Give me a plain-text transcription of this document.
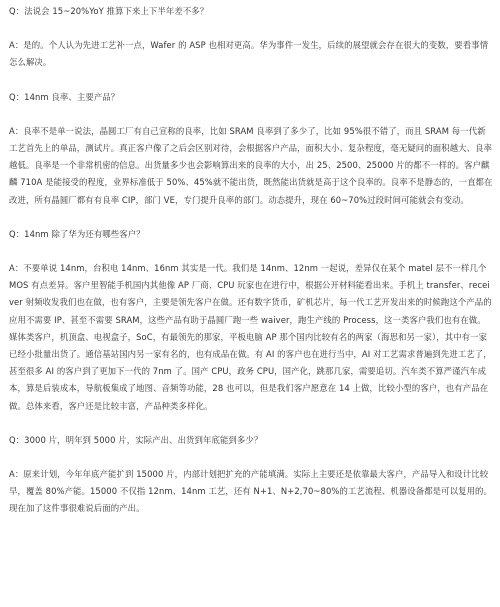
Q：法说会 15~20%YoY 推算下来上下半年差不多？

A：是的。个人认为先进工艺补一点，Wafer 的 ASP 也相对更高。华为事件一发生，后续的展望就会存在很大的变数，要看事情怎么解决。

Q：14nm 良率、主要产品？

A：良率不是单一说法，晶圆工厂有自己宣称的良率，比如 SRAM 良率到了多少了，比如 95%很不错了，而且 SRAM 每一代新工艺首先上的单品，测试片。真正客户像了之后会区别对待，会根据客户产品，面积大小、复杂程度，毫无疑问的面积越大、良率越低。良率是一个非常机密的信息。出货量多少也会影响算出来的良率的大小，出 25、2500、25000 片的都不一样的。客户麒麟 710A 是能接受的程度，业界标准低于 50%、45%就不能出货，既然能出货就是高于这个良率的。良率不是静态的，一直都在改进，所有晶圆厂都有有良率 CIP，部门 VE，专门提升良率的部门。动态提升，现在 60~70%过段时间可能就会有变动。

Q：14nm 除了华为还有哪些客户？

A：不要单说 14nm，台积电 14nm、16nm 其实是一代。我们是 14nm、12nm 一起说，差异仅在某个 matel 层不一样几个 MOS 有点差异。客户里智能手机国内其他像 AP 厂商、CPU 玩家也在进行中，根据公开材料能看出来。手机上 transfer、receiver 射频收发我们也在做，也有客户，主要是领先客户在做。还有数字货币，矿机芯片，每一代工艺开发出来的时候跑这个产品的应用不需要 IP、甚至不需要 SRAM，这些产品有助于晶圆厂跑一些 waiver，跑生产线的 Process，这一类客户我们也有在做。媒体类客户，机顶盒、电视盒子，SoC，有最领先的那家，平板电脑 AP 那个国内比较有名的两家（海思和另一家），其中有一家已经小批量出货了。通信基站国内另一家有名的，也有成品在做。有 AI 的客户也在进行当中，AI 对工艺需求普遍到先进工艺了，甚至很多 AI 的客户到了更加下一代的 7nm 了。国产 CPU，政务 CPU，国产化，跳那几家，需要追切。汽车类不算严谨汽车成本，算是后装成本，导航板集成了地图、音频等功能，28 也可以，但是我们客户愿意在 14 上做，比较小型的客户，也有产品在做。总体来看，客户还是比较丰富，产品种类多样化。

Q：3000 片，明年到 5000 片，实际产出、出货到年底能到多少？

A：原来计划，今年年底产能扩到 15000 片，内部计划把扩充的产能填满。实际上主要还是依靠最大客户，产品导入和设计比较早，覆盖 80%产能。15000 不仅指 12nm、14nm 工艺，还有 N+1、N+2,70~80%的工艺流程、机器设备都是可以复用的。现在加了这件事很难说后面的产出。
